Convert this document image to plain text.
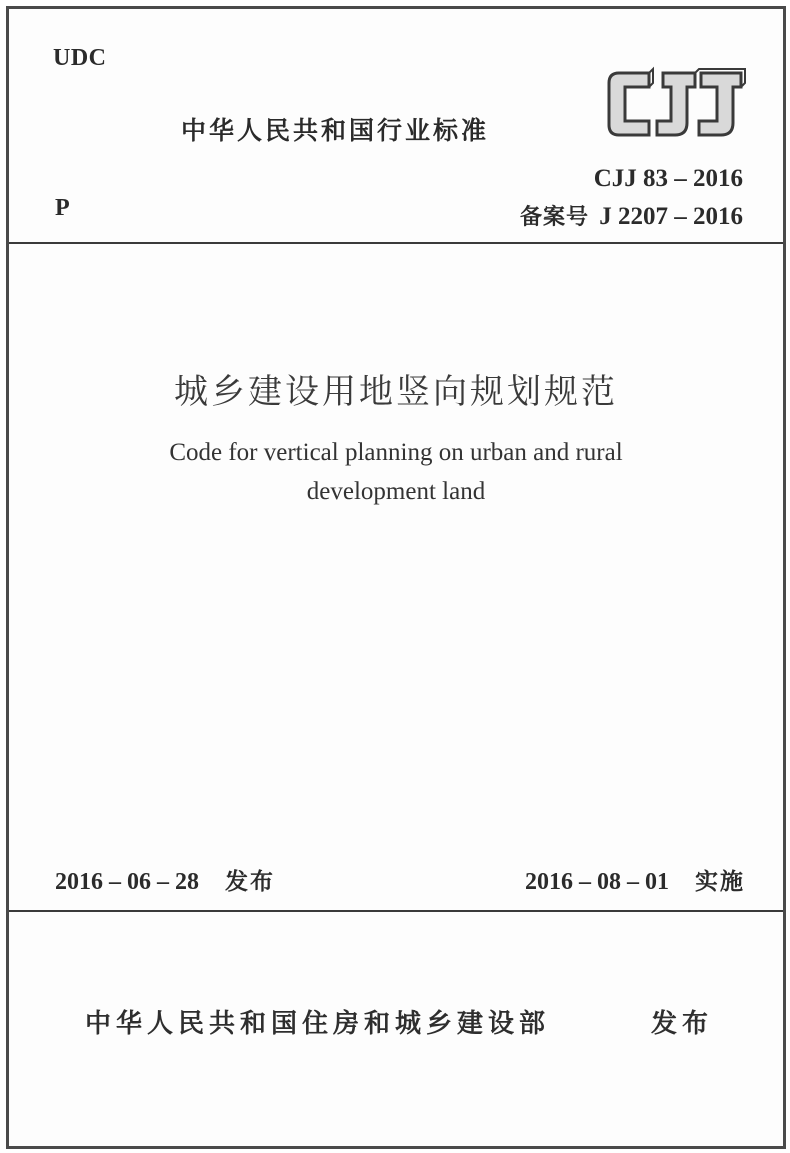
UDC
中华人民共和国行业标准
CJJ 83 – 2016
P	备案号 J 2207 – 2016
城乡建设用地竖向规划规范
Code for vertical planning on urban and rural
development land
2016 – 06 – 28 发布	2016 – 08 – 01 实施
中华人民共和国住房和城乡建设部	发布
